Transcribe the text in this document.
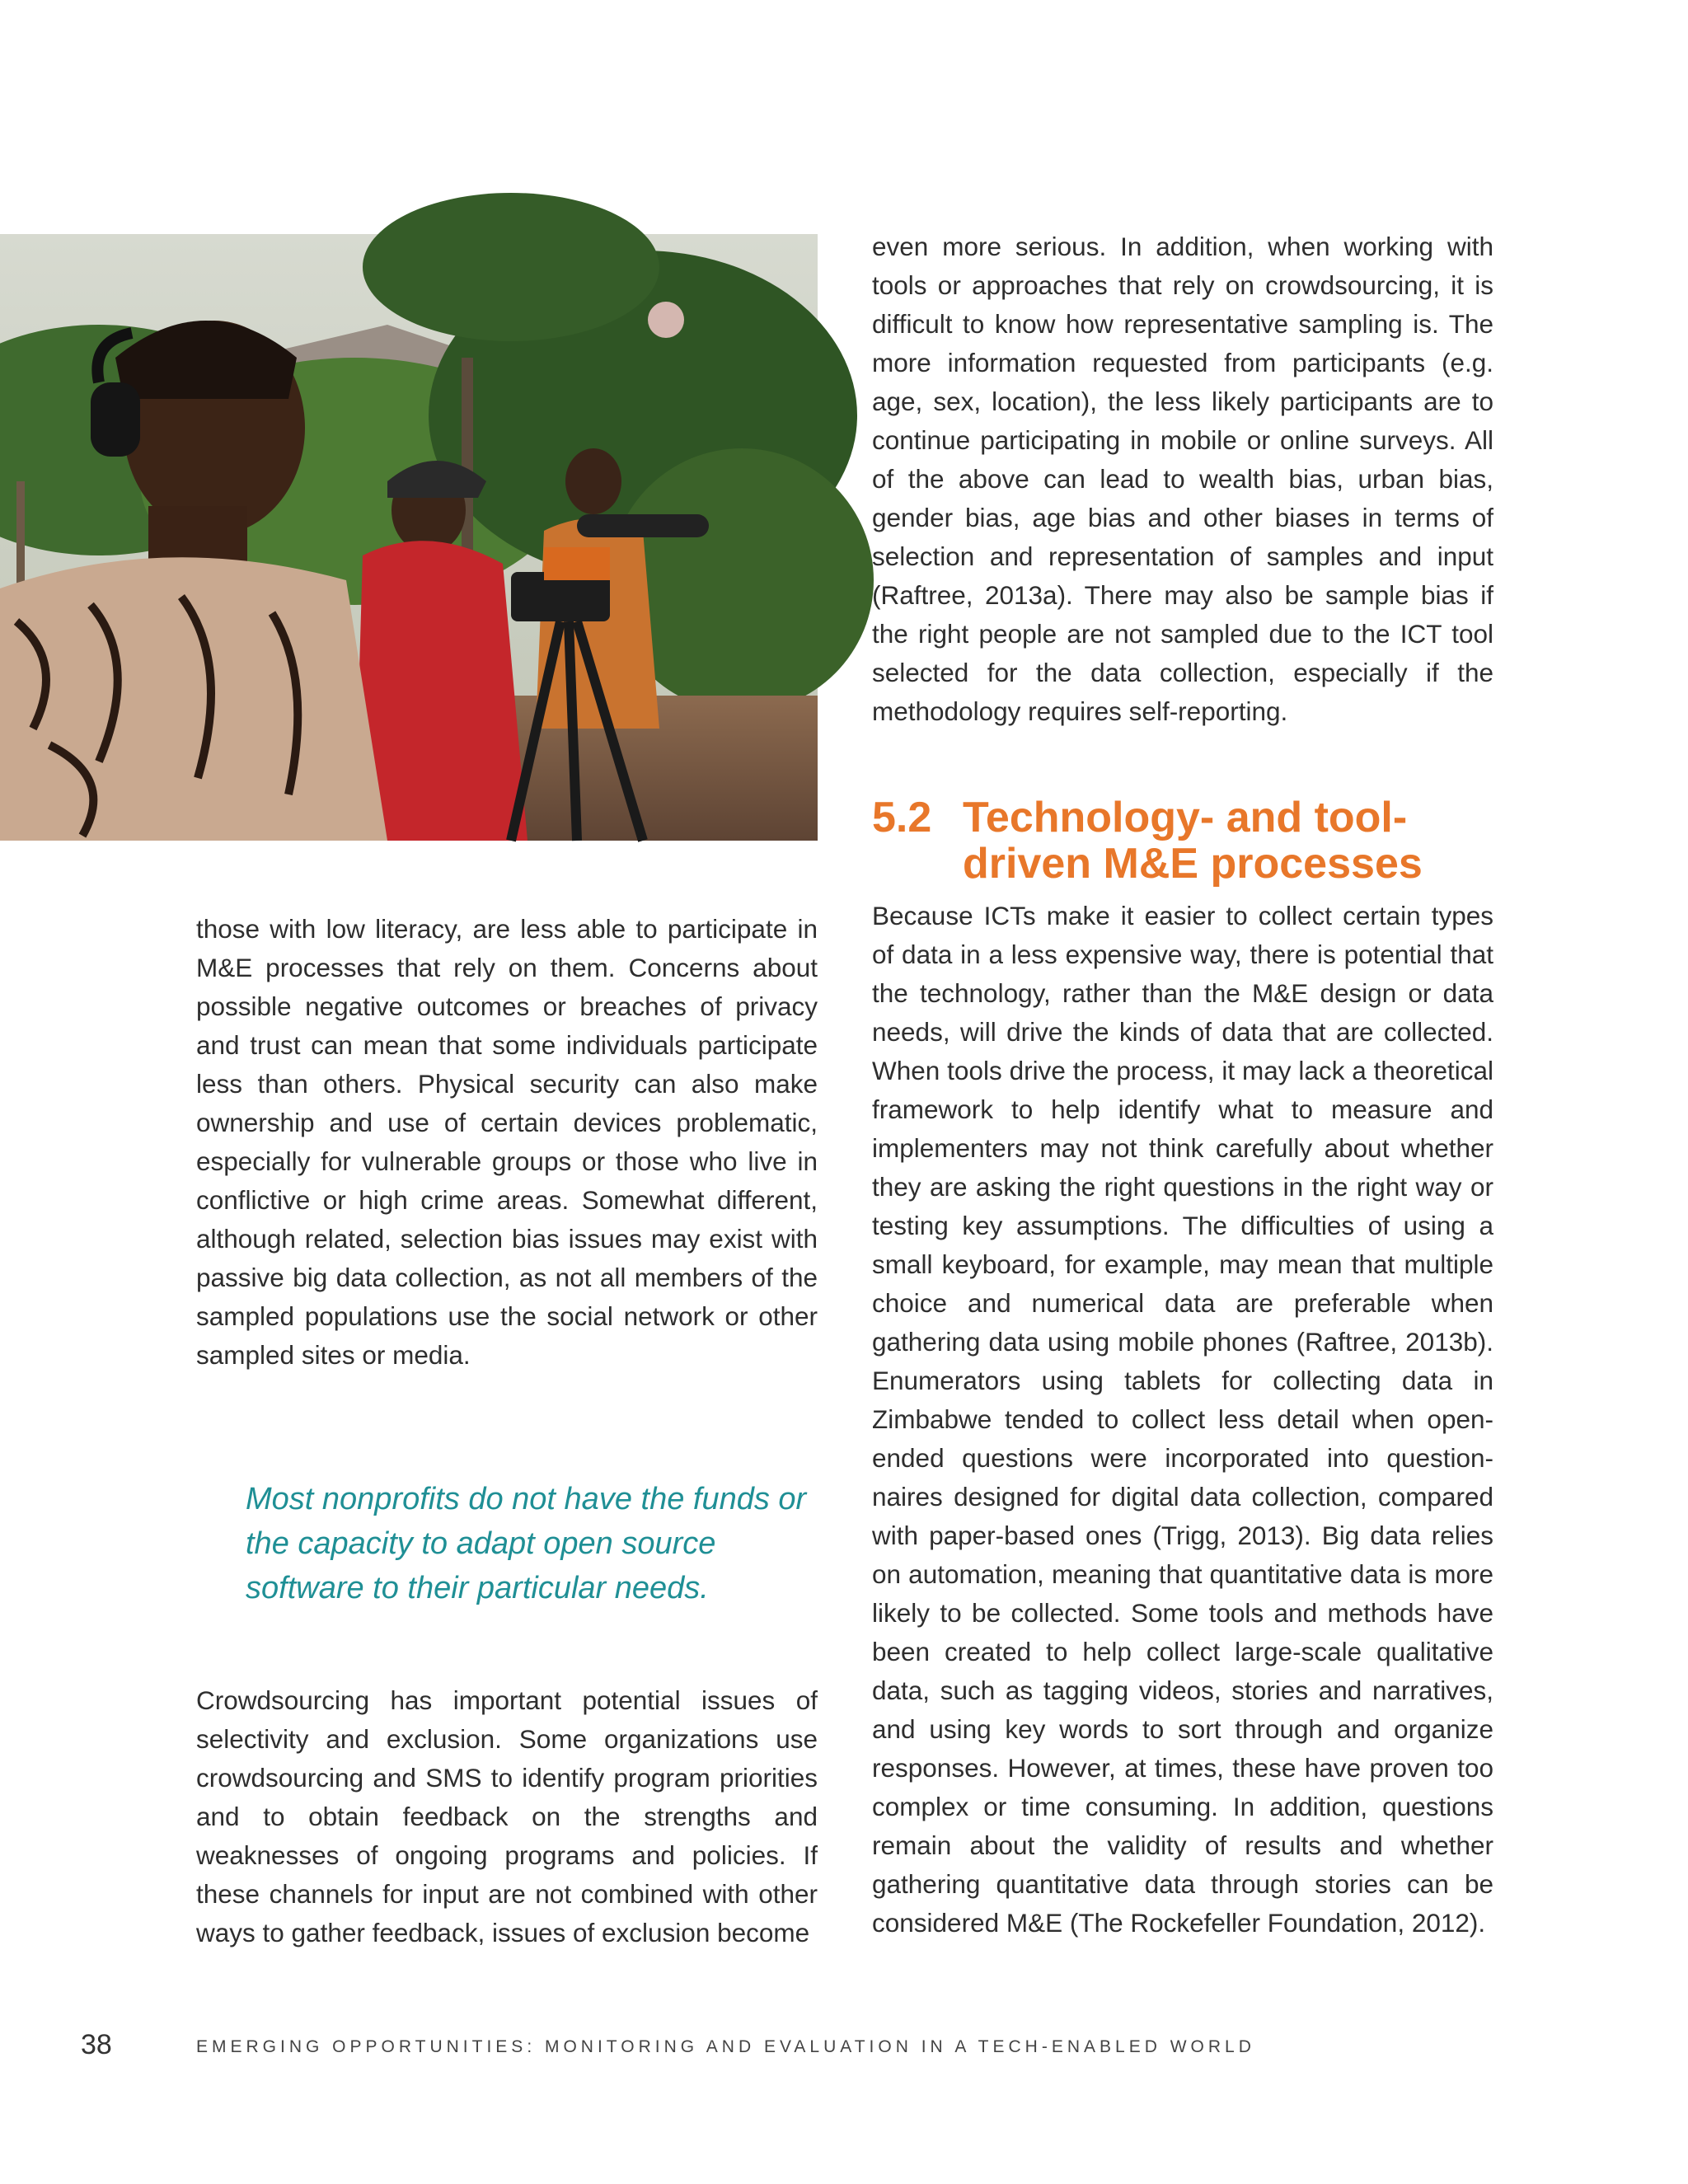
© InsightShare

those with low literacy, are less able to participate in M&E processes that rely on them. Concerns about possible negative outcomes or breaches of privacy and trust can mean that some individuals participate less than others. Physical security can also make ownership and use of certain devices problematic, especially for vulnerable groups or those who live in conflictive or high crime areas. Somewhat different, although related, selection bias issues may exist with passive big data collection, as not all members of the sampled populations use the social network or other sampled sites or media.

Most nonprofits do not have the funds or the capacity to adapt open source software to their particular needs.

Crowdsourcing has important potential issues of selectivity and exclusion. Some organizations use crowdsourcing and SMS to identify program priorities and to obtain feedback on the strengths and weaknesses of ongoing programs and policies. If these channels for input are not combined with other ways to gather feedback, issues of exclusion become

even more serious. In addition, when working with tools or approaches that rely on crowdsourcing, it is difficult to know how representative sampling is. The more information requested from participants (e.g. age, sex, location), the less likely participants are to continue participating in mobile or online surveys. All of the above can lead to wealth bias, urban bias, gender bias, age bias and other biases in terms of selection and representation of samples and input (Raftree, 2013a). There may also be sample bias if the right people are not sampled due to the ICT tool selected for the data collection, especially if the methodology requires self-reporting.

5.2 Technology- and tool-driven M&E processes

Because ICTs make it easier to collect certain types of data in a less expensive way, there is potential that the technology, rather than the M&E design or data needs, will drive the kinds of data that are collected. When tools drive the process, it may lack a theoretical framework to help identify what to measure and implementers may not think carefully about whether they are asking the right questions in the right way or testing key assumptions. The difficulties of using a small keyboard, for example, may mean that multiple choice and numerical data are preferable when gathering data using mobile phones (Raftree, 2013b). Enumerators using tablets for collecting data in Zimbabwe tended to collect less detail when open-ended questions were incorporated into questionnaires designed for digital data collection, compared with paper-based ones (Trigg, 2013). Big data relies on automation, meaning that quantitative data is more likely to be collected. Some tools and methods have been created to help collect large-scale qualitative data, such as tagging videos, stories and narratives, and using key words to sort through and organize responses. However, at times, these have proven too complex or time consuming. In addition, questions remain about the validity of results and whether gathering quantitative data through stories can be considered M&E (The Rockefeller Foundation, 2012).

38	EMERGING OPPORTUNITIES: MONITORING AND EVALUATION IN A TECH-ENABLED WORLD
